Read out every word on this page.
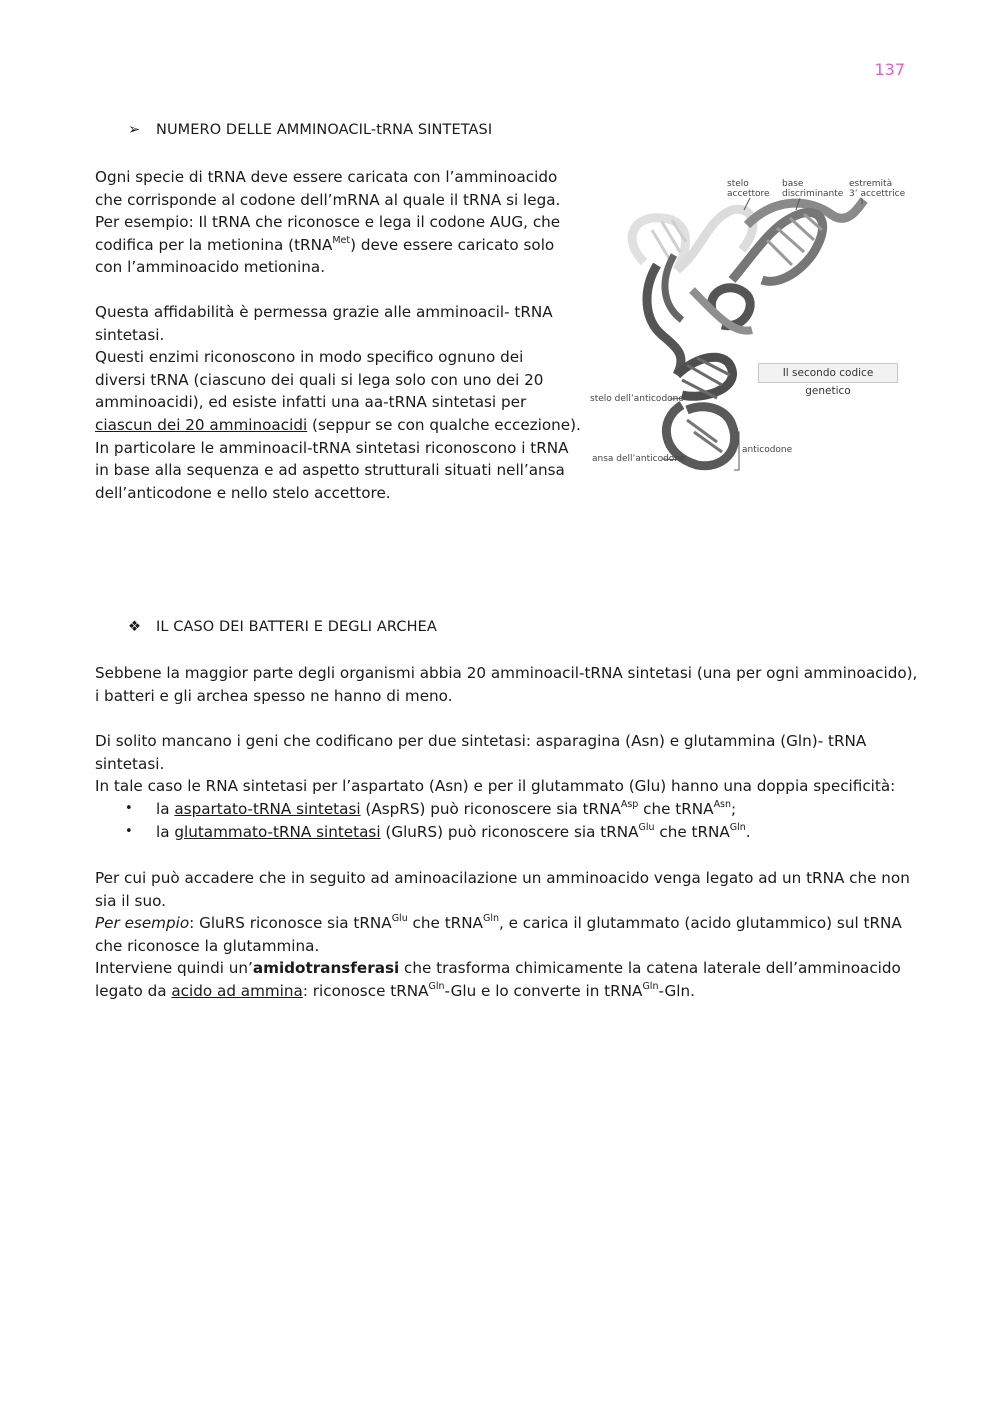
137
➢ NUMERO DELLE AMMINOACIL-tRNA SINTETASI

Ogni specie di tRNA deve essere caricata con l’amminoacido
che corrisponde al codone dell’mRNA al quale il tRNA si lega.
Per esempio: Il tRNA che riconosce e lega il codone AUG, che
codifica per la metionina (tRNA$^{Met}$) deve essere caricato solo
con l’amminoacido metionina.

Questa affidabilità è permessa grazie alle amminoacil- tRNA
sintetasi.
Questi enzimi riconoscono in modo specifico ognuno dei
diversi tRNA (ciascuno dei quali si lega solo con uno dei 20
amminoacidi), ed esiste infatti una aa-tRNA sintetasi per
ciascun dei 20 amminoacidi (seppur se con qualche eccezione).
In particolare le amminoacil-tRNA sintetasi riconoscono i tRNA
in base alla sequenza e ad aspetto strutturali situati nell’ansa
dell’anticodone e nello stelo accettore.

stelo
accettore
base
discriminante
estremità
3’ accettrice
stelo dell’anticodone
ansa dell’anticodone
anticodone
Il secondo codice genetico
❖ IL CASO DEI BATTERI E DEGLI ARCHEA

Sebbene la maggior parte degli organismi abbia 20 amminoacil-tRNA sintetasi (una per ogni amminoacido),
i batteri e gli archea spesso ne hanno di meno.

Di solito mancano i geni che codificano per due sintetasi: asparagina (Asn) e glutammina (Gln)- tRNA
sintetasi.
In tale caso le RNA sintetasi per l’aspartato (Asn) e per il glutammato (Glu) hanno una doppia specificità:

• la aspartato-tRNA sintetasi (AspRS) può riconoscere sia tRNA$^{Asp}$ che tRNA$^{Asn}$;
• la glutammato-tRNA sintetasi (GluRS) può riconoscere sia tRNA$^{Glu}$ che tRNA$^{Gln}$.

Per cui può accadere che in seguito ad aminoacilazione un amminoacido venga legato ad un tRNA che non
sia il suo.
Per esempio: GluRS riconosce sia tRNA$^{Glu}$ che tRNA$^{Gln}$, e carica il glutammato (acido glutammico) sul tRNA
che riconosce la glutammina.
Interviene quindi un’amidotransferasi che trasforma chimicamente la catena laterale dell’amminoacido
legato da acido ad ammina: riconosce tRNA$^{Gln}$-Glu e lo converte in tRNA$^{Gln}$-Gln.
